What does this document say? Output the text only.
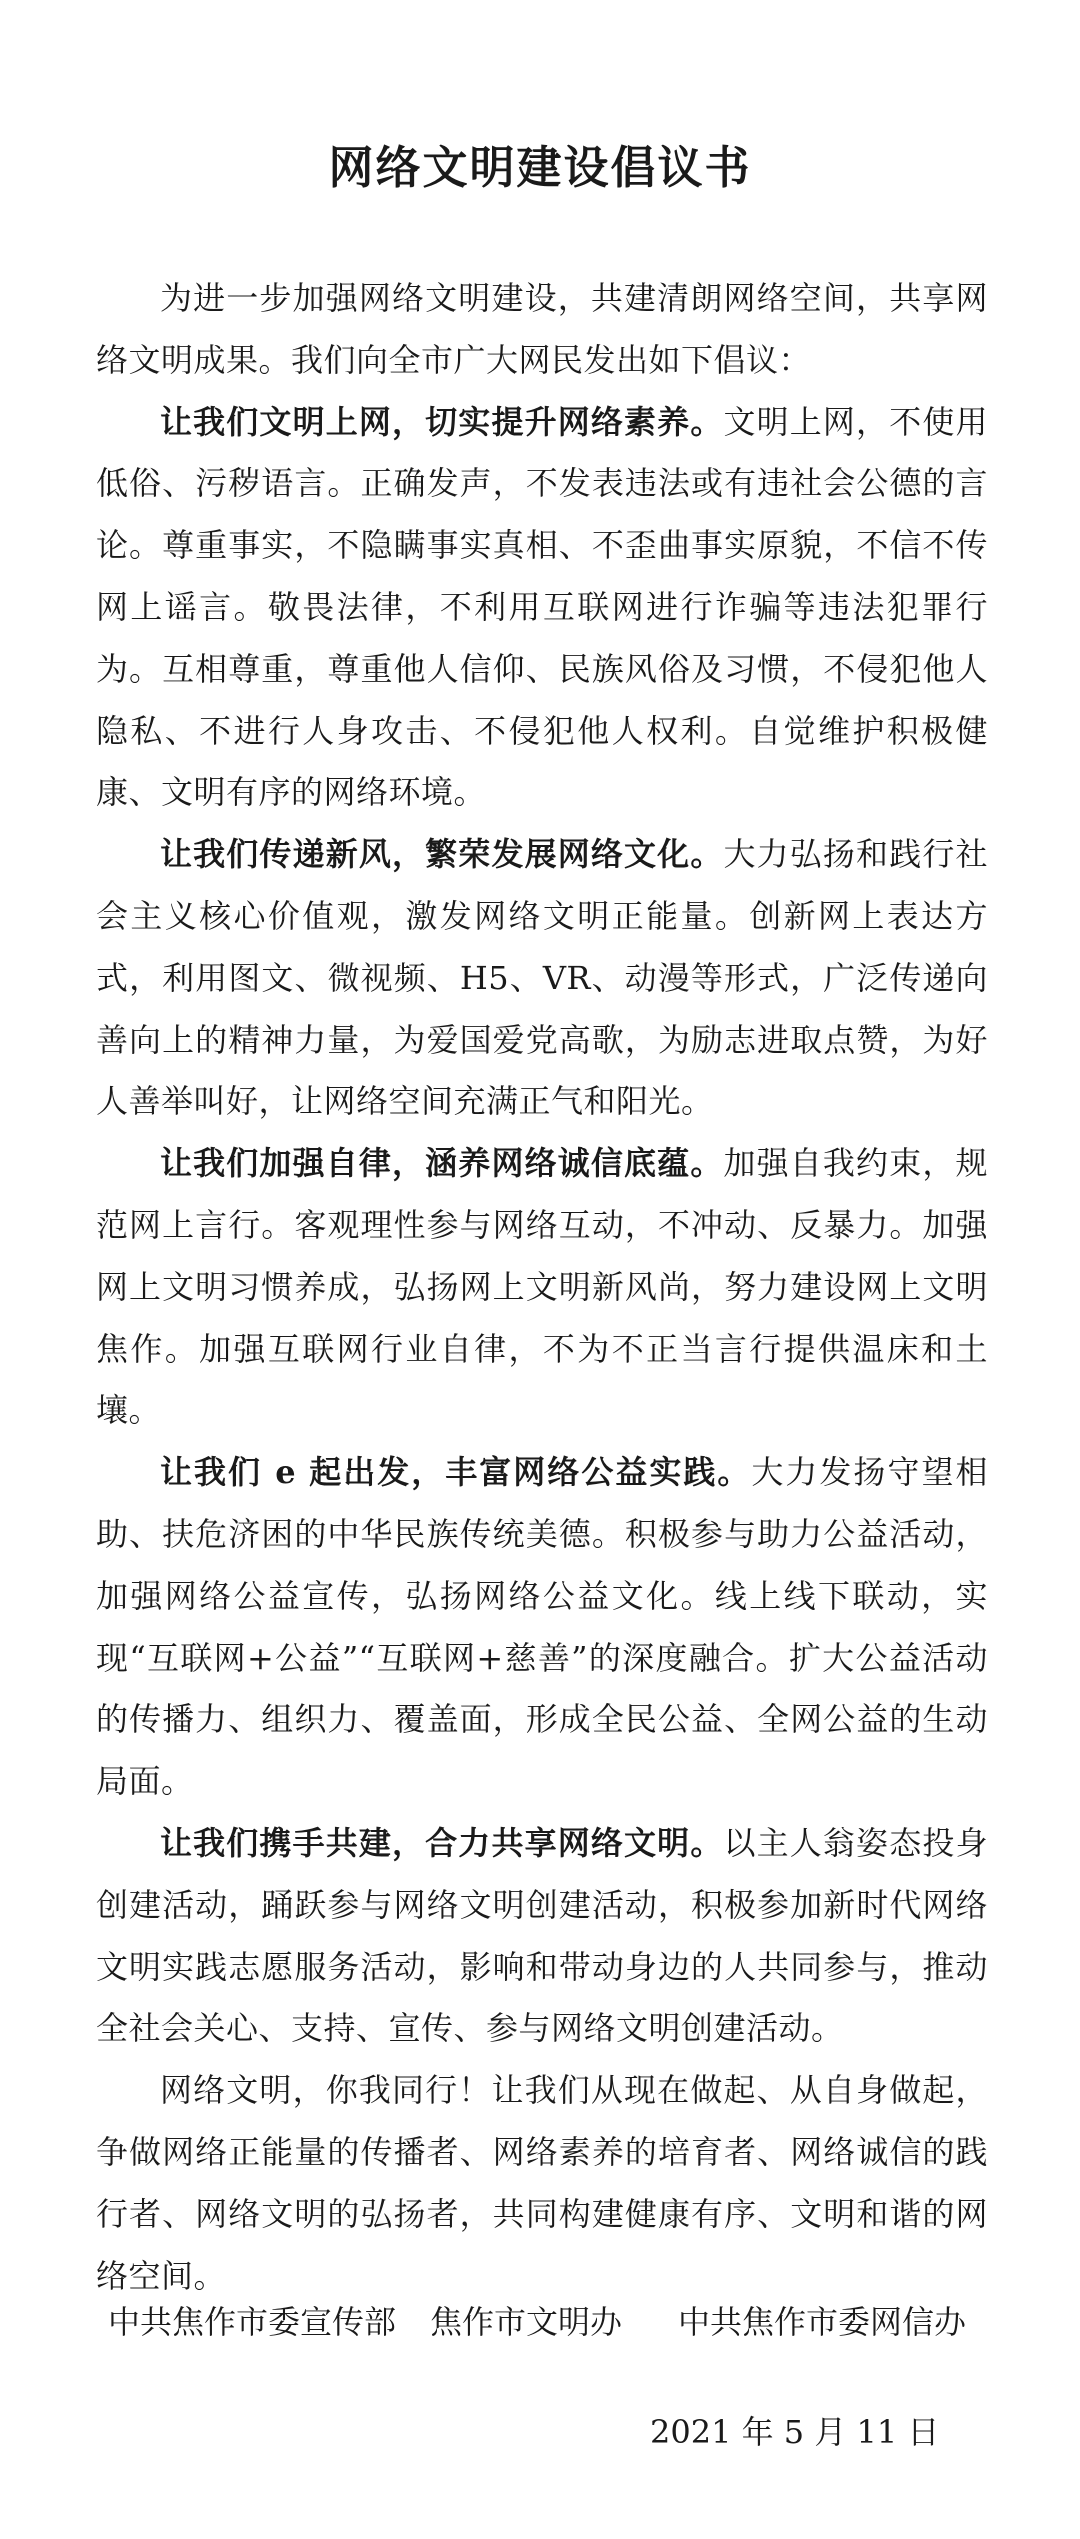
网络文明建设倡议书

为进一步加强网络文明建设，共建清朗网络空间，共享网络文明成果。我们向全市广大网民发出如下倡议：

让我们文明上网，切实提升网络素养。文明上网，不使用低俗、污秽语言。正确发声，不发表违法或有违社会公德的言论。尊重事实，不隐瞒事实真相、不歪曲事实原貌，不信不传网上谣言。敬畏法律，不利用互联网进行诈骗等违法犯罪行为。互相尊重，尊重他人信仰、民族风俗及习惯，不侵犯他人隐私、不进行人身攻击、不侵犯他人权利。自觉维护积极健康、文明有序的网络环境。

让我们传递新风，繁荣发展网络文化。大力弘扬和践行社会主义核心价值观，激发网络文明正能量。创新网上表达方式，利用图文、微视频、H5、VR、动漫等形式，广泛传递向善向上的精神力量，为爱国爱党高歌，为励志进取点赞，为好人善举叫好，让网络空间充满正气和阳光。

让我们加强自律，涵养网络诚信底蕴。加强自我约束，规范网上言行。客观理性参与网络互动，不冲动、反暴力。加强网上文明习惯养成，弘扬网上文明新风尚，努力建设网上文明焦作。加强互联网行业自律，不为不正当言行提供温床和土壤。

让我们 e 起出发，丰富网络公益实践。大力发扬守望相助、扶危济困的中华民族传统美德。积极参与助力公益活动，加强网络公益宣传，弘扬网络公益文化。线上线下联动，实现“互联网+公益”“互联网+慈善”的深度融合。扩大公益活动的传播力、组织力、覆盖面，形成全民公益、全网公益的生动局面。

让我们携手共建，合力共享网络文明。以主人翁姿态投身创建活动，踊跃参与网络文明创建活动，积极参加新时代网络文明实践志愿服务活动，影响和带动身边的人共同参与，推动全社会关心、支持、宣传、参与网络文明创建活动。

网络文明，你我同行！让我们从现在做起、从自身做起，争做网络正能量的传播者、网络素养的培育者、网络诚信的践行者、网络文明的弘扬者，共同构建健康有序、文明和谐的网络空间。

中共焦作市委宣传部 焦作市文明办 中共焦作市委网信办
2021 年 5 月 11 日
